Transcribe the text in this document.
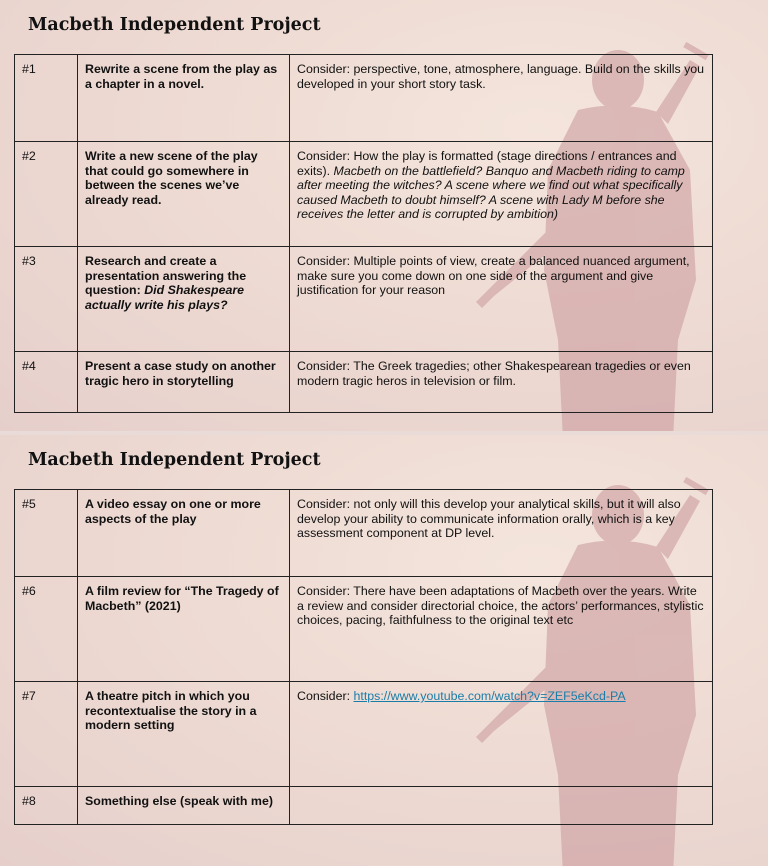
Macbeth Independent Project
#1	Rewrite a scene from the play as a chapter in a novel.	Consider: perspective, tone, atmosphere, language. Build on the skills you developed in your short story task.
#2	Write a new scene of the play that could go somewhere in between the scenes we’ve already read.	Consider: How the play is formatted (stage directions / entrances and exits). Macbeth on the battlefield? Banquo and Macbeth riding to camp after meeting the witches? A scene where we find out what specifically caused Macbeth to doubt himself? A scene with Lady M before she receives the letter and is corrupted by ambition)
#3	Research and create a presentation answering the question: Did Shakespeare actually write his plays?	Consider: Multiple points of view, create a balanced nuanced argument, make sure you come down on one side of the argument and give justification for your reason
#4	Present a case study on another tragic hero in storytelling	Consider: The Greek tragedies; other Shakespearean tragedies or even modern tragic heros in television or film.
Macbeth Independent Project
#5	A video essay on one or more aspects of the play	Consider: not only will this develop your analytical skills, but it will also develop your ability to communicate information orally, which is a key assessment component at DP level.
#6	A film review for “The Tragedy of Macbeth” (2021)	Consider: There have been adaptations of Macbeth over the years. Write a review and consider directorial choice, the actors’ performances, stylistic choices, pacing, faithfulness to the original text etc
#7	A theatre pitch in which you recontextualise the story in a modern setting	Consider: https://www.youtube.com/watch?v=ZEF5eKcd-PA
#8	Something else (speak with me)	
